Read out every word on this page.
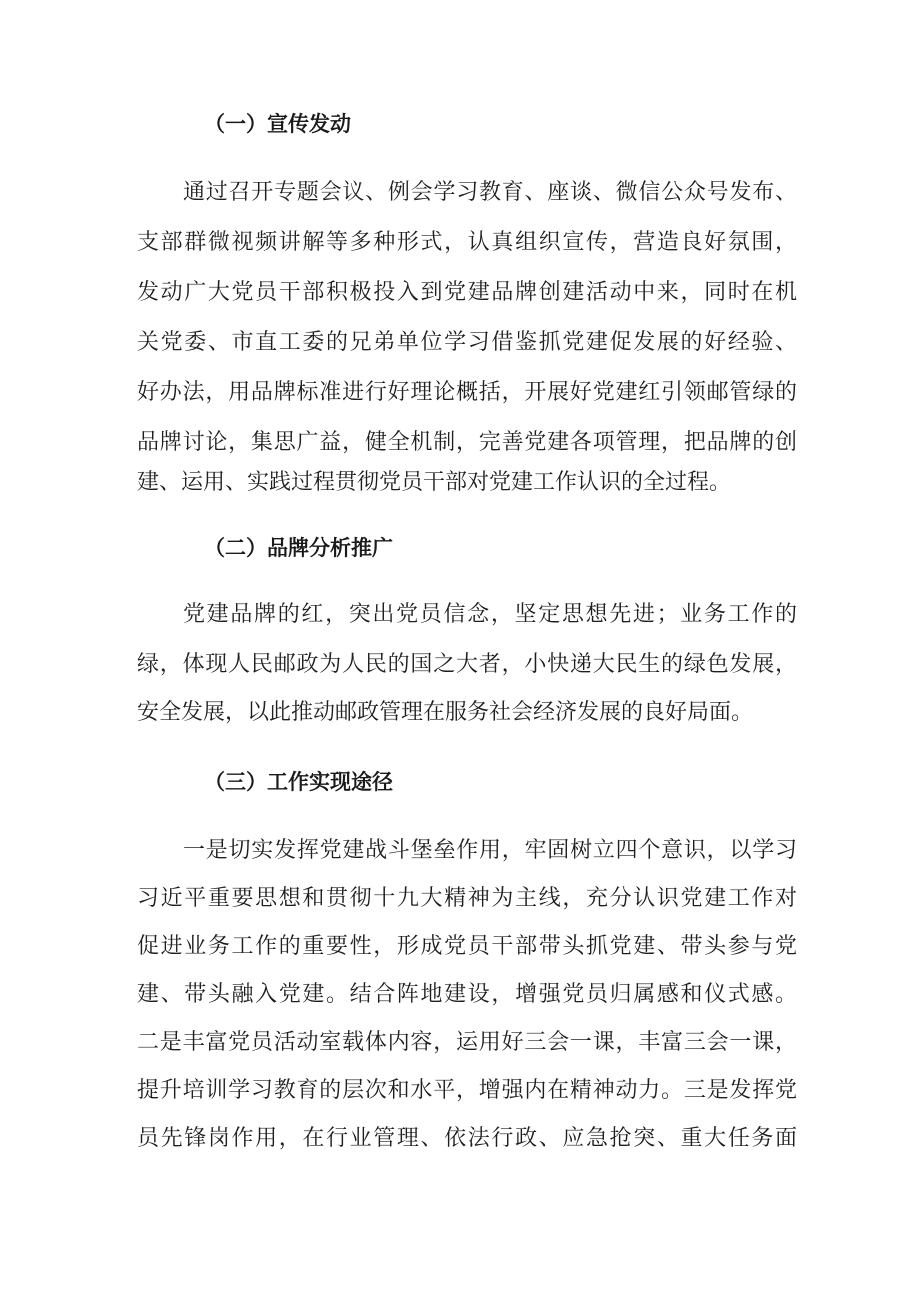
（一）宣传发动

通过召开专题会议、例会学习教育、座谈、微信公众号发布、

支部群微视频讲解等多种形式，认真组织宣传，营造良好氛围，

发动广大党员干部积极投入到党建品牌创建活动中来，同时在机

关党委、市直工委的兄弟单位学习借鉴抓党建促发展的好经验、

好办法，用品牌标准进行好理论概括，开展好党建红引领邮管绿的

品牌讨论，集思广益，健全机制，完善党建各项管理，把品牌的创

建、运用、实践过程贯彻党员干部对党建工作认识的全过程。

（二）品牌分析推广

党建品牌的红，突出党员信念，坚定思想先进；业务工作的

绿，体现人民邮政为人民的国之大者，小快递大民生的绿色发展，

安全发展，以此推动邮政管理在服务社会经济发展的良好局面。

（三）工作实现途径

一是切实发挥党建战斗堡垒作用，牢固树立四个意识，以学习

习近平重要思想和贯彻十九大精神为主线，充分认识党建工作对

促进业务工作的重要性，形成党员干部带头抓党建、带头参与党

建、带头融入党建。结合阵地建设，增强党员归属感和仪式感。

二是丰富党员活动室载体内容，运用好三会一课，丰富三会一课，

提升培训学习教育的层次和水平，增强内在精神动力。三是发挥党

员先锋岗作用，在行业管理、依法行政、应急抢突、重大任务面
